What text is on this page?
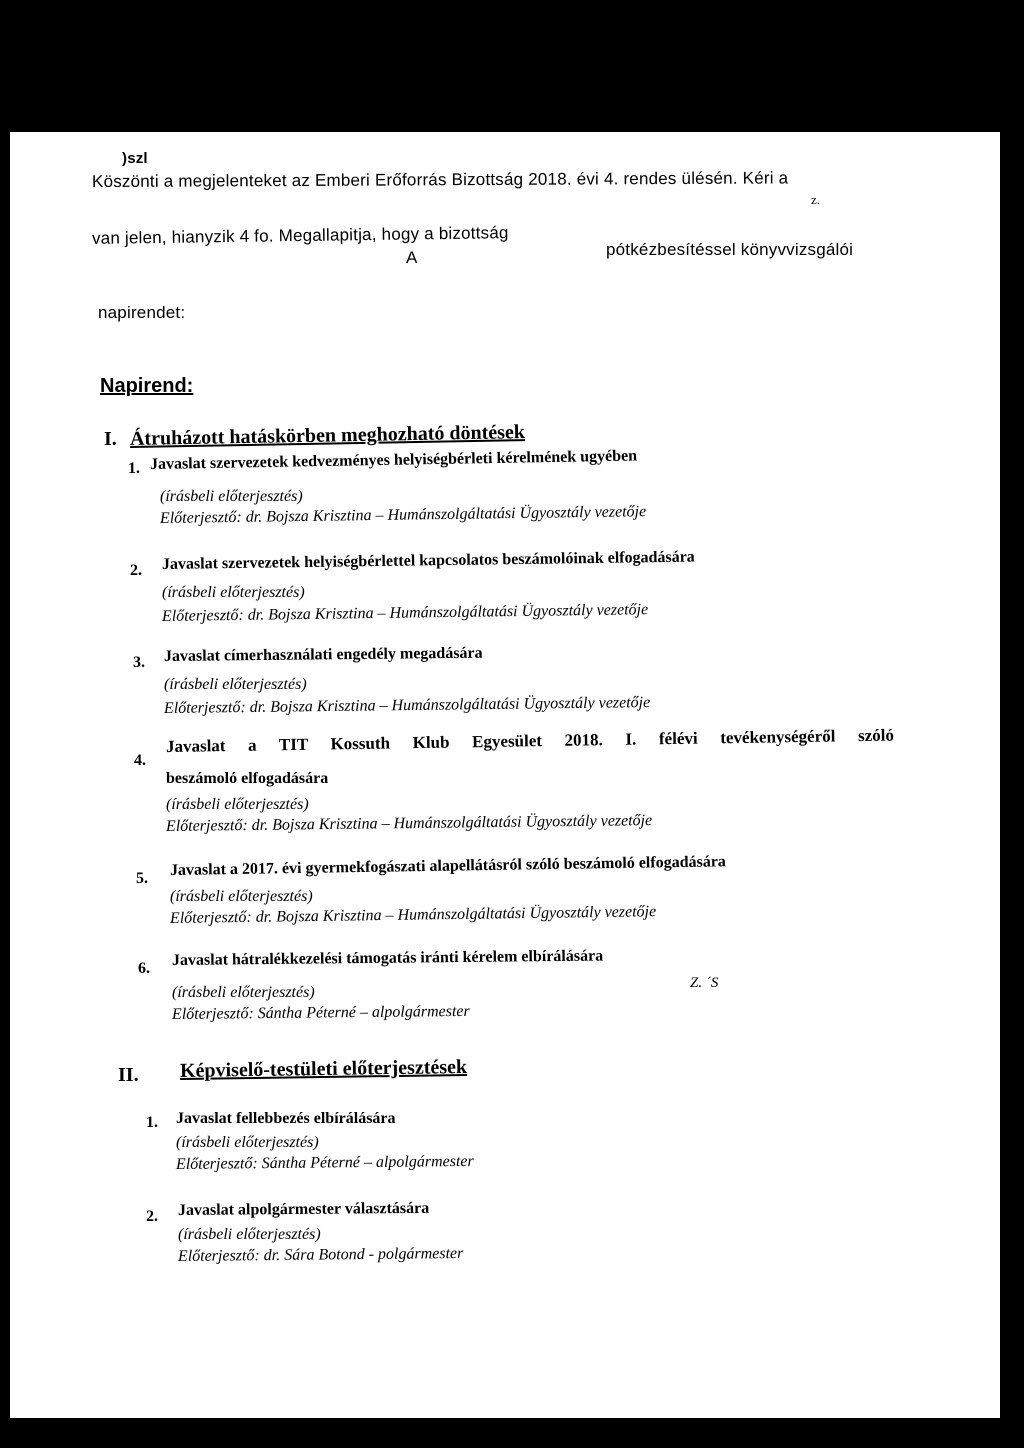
)szl
Köszönti a megjelenteket az Emberi Erőforrás Bizottság 2018. évi 4. rendes ülésén. Kéri a
z.
van jelen, hianyzik 4 fo. Megallapitja, hogy a bizottság
pótkézbesítéssel könyvvizsgálói
A
napirendet:
Napirend:
I. Átruházott hatáskörben meghozható döntések
1. Javaslat szervezetek kedvezményes helyiségbérleti kérelmének ugyében
(írásbeli előterjesztés)
Előterjesztő: dr. Bojsza Krisztina – Humánszolgáltatási Ügyosztály vezetője
2. Javaslat szervezetek helyiségbérlettel kapcsolatos beszámolóinak elfogadására
(írásbeli előterjesztés)
Előterjesztő: dr. Bojsza Krisztina – Humánszolgáltatási Ügyosztály vezetője
3. Javaslat címerhasználati engedély megadására
(írásbeli előterjesztés)
Előterjesztő: dr. Bojsza Krisztina – Humánszolgáltatási Ügyosztály vezetője
4.
Javaslat a TIT Kossuth Klub Egyesület 2018. I. félévi tevékenységéről szóló
beszámoló elfogadására
(írásbeli előterjesztés)
Előterjesztő: dr. Bojsza Krisztina – Humánszolgáltatási Ügyosztály vezetője
5. Javaslat a 2017. évi gyermekfogászati alapellátásról szóló beszámoló elfogadására
(írásbeli előterjesztés)
Előterjesztő: dr. Bojsza Krisztina – Humánszolgáltatási Ügyosztály vezetője
6. Javaslat hátralékkezelési támogatás iránti kérelem elbírálására
Z. ´S
(írásbeli előterjesztés)
Előterjesztő: Sántha Péterné – alpolgármester
II. Képviselő-testületi előterjesztések
1. Javaslat fellebbezés elbírálására
(írásbeli előterjesztés)
Előterjesztő: Sántha Péterné – alpolgármester
2. Javaslat alpolgármester választására
(írásbeli előterjesztés)
Előterjesztő: dr. Sára Botond - polgármester
